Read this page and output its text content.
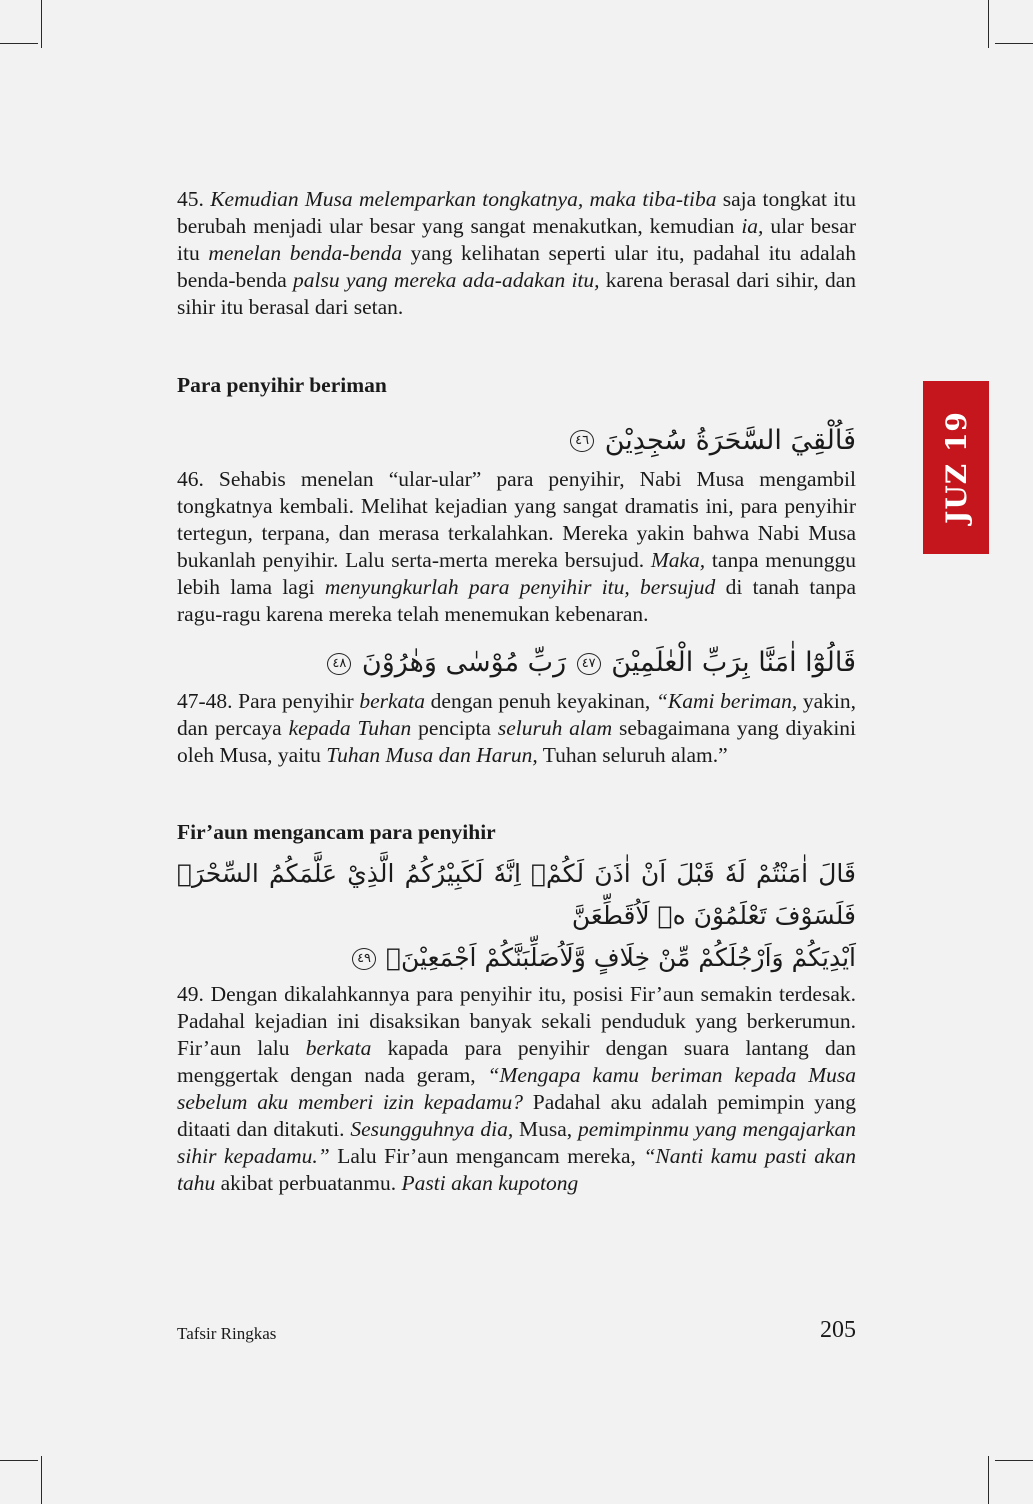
JUZ 19

45. Kemudian Musa melemparkan tongkatnya, maka tiba-tiba saja tongkat itu berubah menjadi ular besar yang sangat menakutkan, kemudian ia, ular besar itu menelan benda-benda yang kelihatan seperti ular itu, padahal itu adalah benda-benda palsu yang mereka ada-adakan itu, karena berasal dari sihir, dan sihir itu berasal dari setan.

Para penyihir beriman

فَاُلْقِيَ السَّحَرَةُ سُجِدِيْنَ ٤٦

46. Sehabis menelan “ular-ular” para penyihir, Nabi Musa mengambil tongkatnya kembali. Melihat kejadian yang sangat dramatis ini, para penyihir tertegun, terpana, dan merasa terkalahkan. Mereka yakin bahwa Nabi Musa bukanlah penyihir. Lalu serta-merta mereka bersujud. Maka, tanpa menunggu lebih lama lagi menyungkurlah para penyihir itu, bersujud di tanah tanpa ragu-ragu karena mereka telah menemukan kebenaran.

قَالُوْٓا اٰمَنَّا بِرَبِّ الْعٰلَمِيْنَ ٤٧ رَبِّ مُوْسٰى وَهٰرُوْنَ ٤٨

47-48. Para penyihir berkata dengan penuh keyakinan, “Kami beriman, yakin, dan percaya kepada Tuhan pencipta seluruh alam sebagaimana yang diyakini oleh Musa, yaitu Tuhan Musa dan Harun, Tuhan seluruh alam.”

Fir’aun mengancam para penyihir

قَالَ اٰمَنْتُمْ لَهٗ قَبْلَ اَنْ اٰذَنَ لَكُمْۚ اِنَّهٗ لَكَبِيْرُكُمُ الَّذِيْ عَلَّمَكُمُ السِّحْرَۚ فَلَسَوْفَ تَعْلَمُوْنَ ەۗ لَاُقَطِّعَنَّ
اَيْدِيَكُمْ وَاَرْجُلَكُمْ مِّنْ خِلَافٍ وَّلَاُصَلِّبَنَّكُمْ اَجْمَعِيْنَۚ ٤٩

49. Dengan dikalahkannya para penyihir itu, posisi Fir’aun semakin terdesak. Padahal kejadian ini disaksikan banyak sekali penduduk yang berkerumun. Fir’aun lalu berkata kapada para penyihir dengan suara lantang dan menggertak dengan nada geram, “Mengapa kamu beriman kepada Musa sebelum aku memberi izin kepadamu? Padahal aku adalah pemimpin yang ditaati dan ditakuti. Sesungguhnya dia, Musa, pemimpinmu yang mengajarkan sihir kepadamu.” Lalu Fir’aun mengancam mereka, “Nanti kamu pasti akan tahu akibat perbuatanmu. Pasti akan kupotong

Tafsir Ringkas	205
